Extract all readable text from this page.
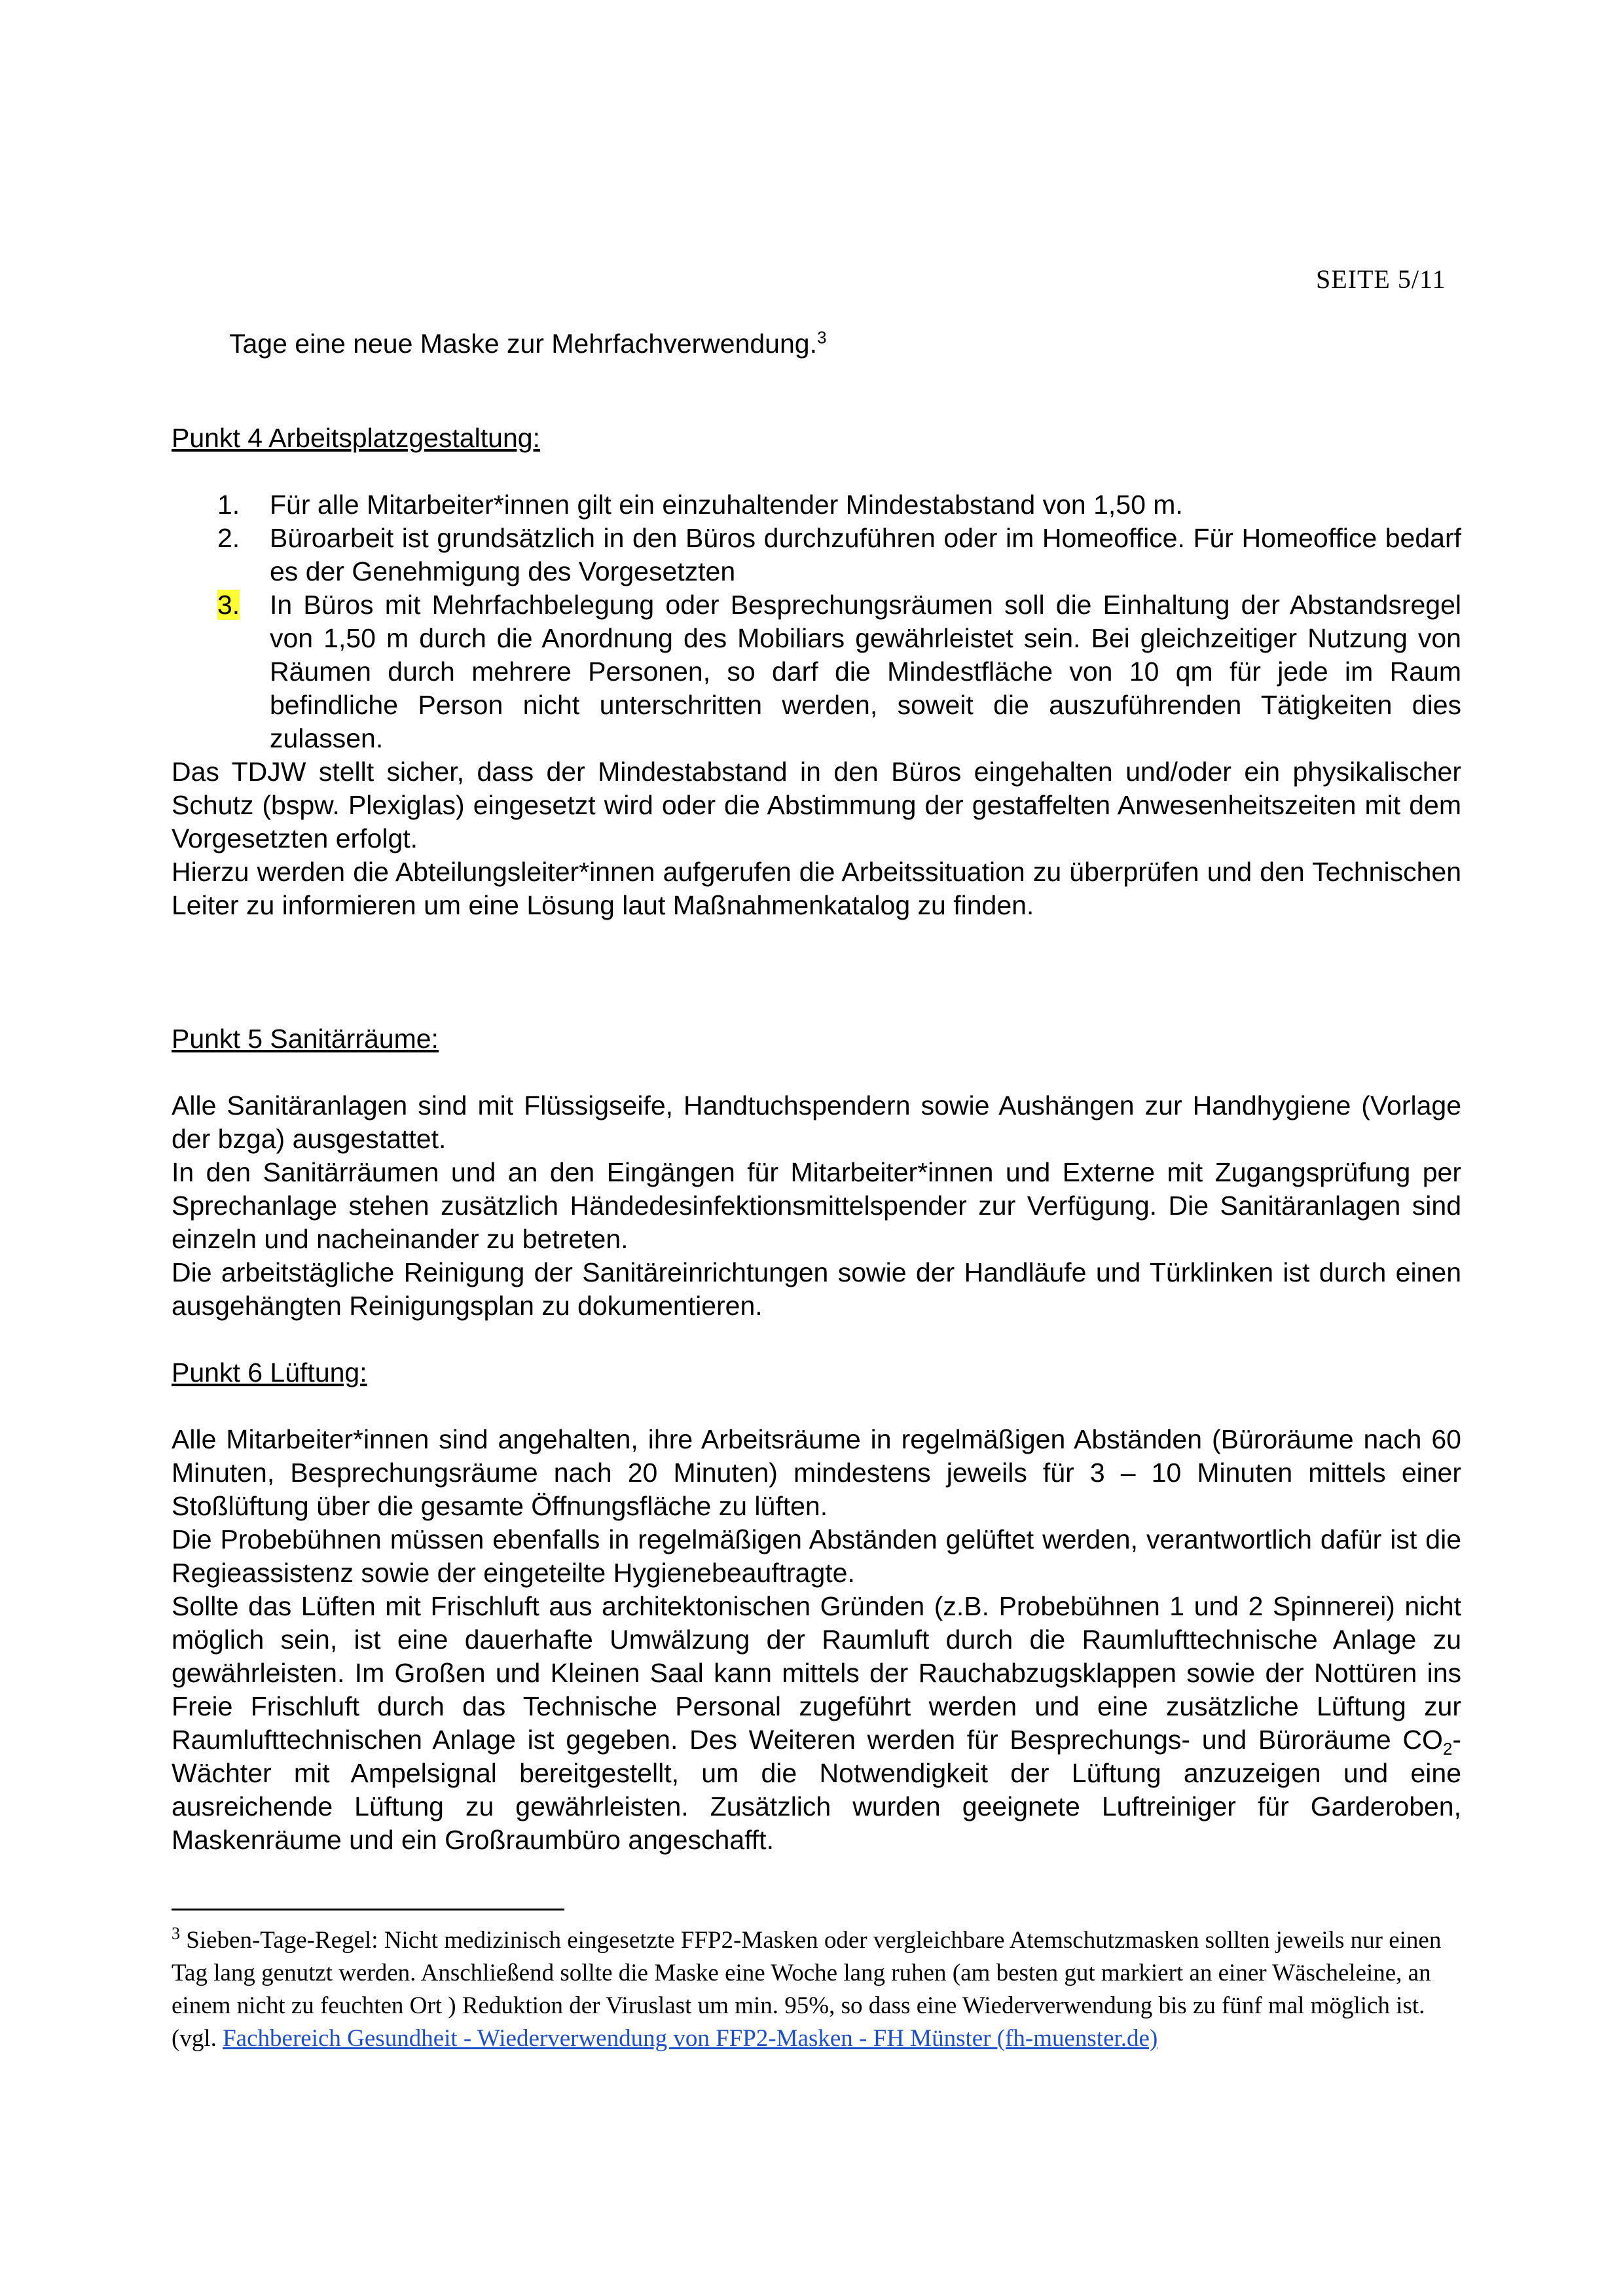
SEITE 5/11
Tage eine neue Maske zur Mehrfachverwendung.$^3$
Punkt 4 Arbeitsplatzgestaltung:
1.	Für alle Mitarbeiter*innen gilt ein einzuhaltender Mindestabstand von 1,50 m.
2.	Büroarbeit ist grundsätzlich in den Büros durchzuführen oder im Homeoffice. Für Homeoffice bedarf es der Genehmigung des Vorgesetzten
3.	In Büros mit Mehrfachbelegung oder Besprechungsräumen soll die Einhaltung der Abstandsregel von 1,50 m durch die Anordnung des Mobiliars gewährleistet sein. Bei gleichzeitiger Nutzung von Räumen durch mehrere Personen, so darf die Mindestfläche von 10 qm für jede im Raum befindliche Person nicht unterschritten werden, soweit die auszuführenden Tätigkeiten dies zulassen.

Das TDJW stellt sicher, dass der Mindestabstand in den Büros eingehalten und/oder ein physikalischer Schutz (bspw. Plexiglas) eingesetzt wird oder die Abstimmung der gestaffelten Anwesenheitszeiten mit dem Vorgesetzten erfolgt.

Hierzu werden die Abteilungsleiter*innen aufgerufen die Arbeitssituation zu überprüfen und den Technischen Leiter zu informieren um eine Lösung laut Maßnahmenkatalog zu finden.

Punkt 5 Sanitärräume:

Alle Sanitäranlagen sind mit Flüssigseife, Handtuchspendern sowie Aushängen zur Handhygiene (Vorlage der bzga) ausgestattet.

In den Sanitärräumen und an den Eingängen für Mitarbeiter*innen und Externe mit Zugangsprüfung per Sprechanlage stehen zusätzlich Händedesinfektionsmittelspender zur Verfügung. Die Sanitäranlagen sind einzeln und nacheinander zu betreten.

Die arbeitstägliche Reinigung der Sanitäreinrichtungen sowie der Handläufe und Türklinken ist durch einen ausgehängten Reinigungsplan zu dokumentieren.

Punkt 6 Lüftung:

Alle Mitarbeiter*innen sind angehalten, ihre Arbeitsräume in regelmäßigen Abständen (Büroräume nach 60 Minuten, Besprechungsräume nach 20 Minuten) mindestens jeweils für 3 – 10 Minuten mittels einer Stoßlüftung über die gesamte Öffnungsfläche zu lüften.

Die Probebühnen müssen ebenfalls in regelmäßigen Abständen gelüftet werden, verantwortlich dafür ist die Regieassistenz sowie der eingeteilte Hygienebeauftragte.

Sollte das Lüften mit Frischluft aus architektonischen Gründen (z.B. Probebühnen 1 und 2 Spinnerei) nicht möglich sein, ist eine dauerhafte Umwälzung der Raumluft durch die Raumlufttechnische Anlage zu gewährleisten. Im Großen und Kleinen Saal kann mittels der Rauchabzugsklappen sowie der Nottüren ins Freie Frischluft durch das Technische Personal zugeführt werden und eine zusätzliche Lüftung zur Raumlufttechnischen Anlage ist gegeben. Des Weiteren werden für Besprechungs- und Büroräume $CO_2$-Wächter mit Ampelsignal bereitgestellt, um die Notwendigkeit der Lüftung anzuzeigen und eine ausreichende Lüftung zu gewährleisten. Zusätzlich wurden geeignete Luftreiniger für Garderoben, Maskenräume und ein Großraumbüro angeschafft.

$^3$ Sieben-Tage-Regel: Nicht medizinisch eingesetzte FFP2-Masken oder vergleichbare Atemschutzmasken sollten jeweils nur einen Tag lang genutzt werden. Anschließend sollte die Maske eine Woche lang ruhen (am besten gut markiert an einer Wäscheleine, an einem nicht zu feuchten Ort ) Reduktion der Viruslast um min. 95%, so dass eine Wiederverwendung bis zu fünf mal möglich ist. (vgl. Fachbereich Gesundheit - Wiederverwendung von FFP2-Masken - FH Münster (fh-muenster.de)
